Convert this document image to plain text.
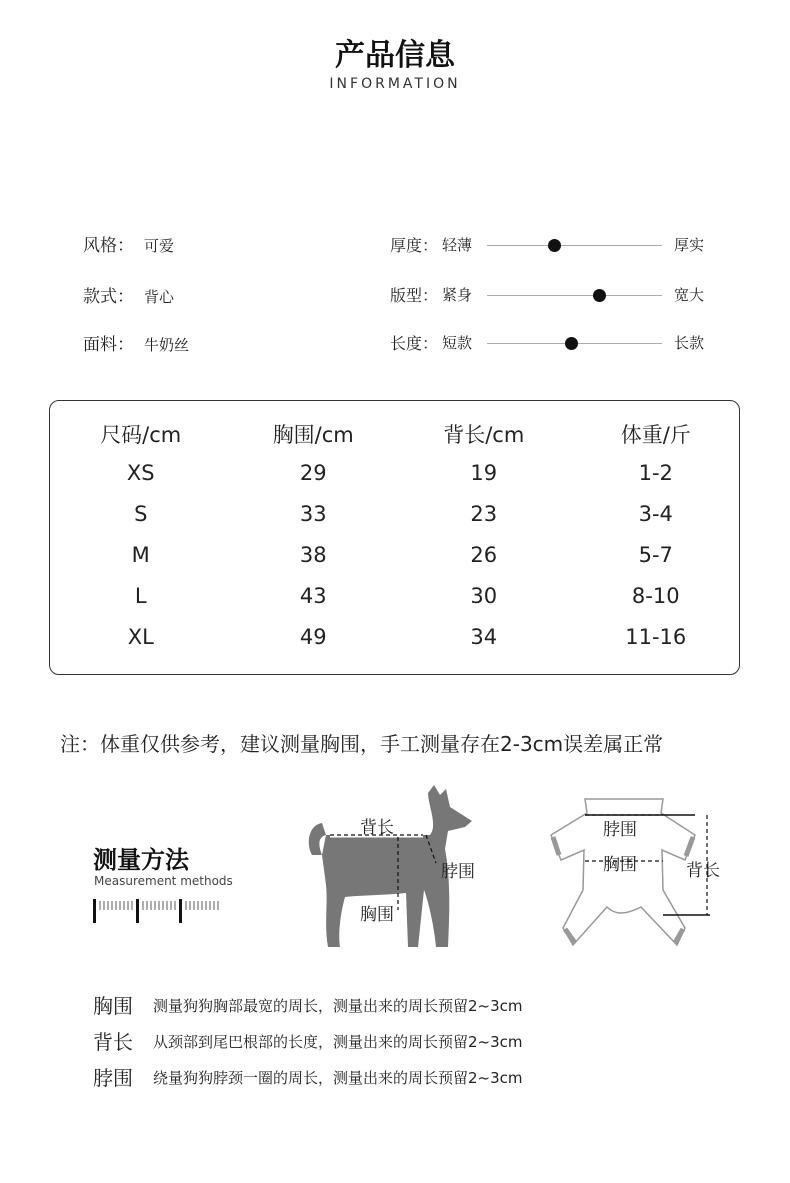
产品信息
INFORMATION
风格： 可爱
款式： 背心
面料： 牛奶丝
厚度： 轻薄	厚实
版型： 紧身	宽大
长度： 短款	长款
尺码/cm	胸围/cm	背长/cm	体重/斤
XS	29	19	1-2
S	33	23	3-4
M	38	26	5-7
L	43	30	8-10
XL	49	34	11-16
注：体重仅供参考，建议测量胸围，手工测量存在2-3cm误差属正常
测量方法
Measurement methods
背长
脖围
胸围
脖围
胸围	背长
胸围 测量狗狗胸部最宽的周长，测量出来的周长预留2~3cm
背长 从颈部到尾巴根部的长度，测量出来的周长预留2~3cm
脖围 绕量狗狗脖颈一圈的周长，测量出来的周长预留2~3cm
